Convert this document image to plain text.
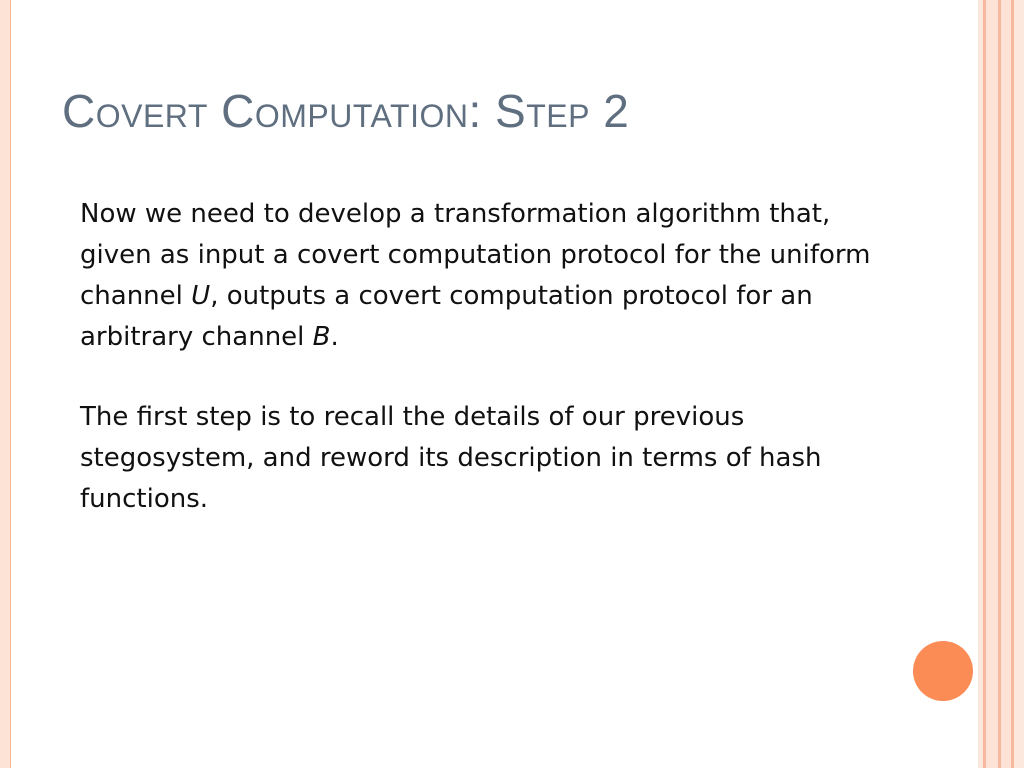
Covert Computation: Step 2

Now we need to develop a transformation algorithm that, given as input a covert computation protocol for the uniform channel U, outputs a covert computation protocol for an arbitrary channel B.

The first step is to recall the details of our previous stegosystem, and reword its description in terms of hash functions.
